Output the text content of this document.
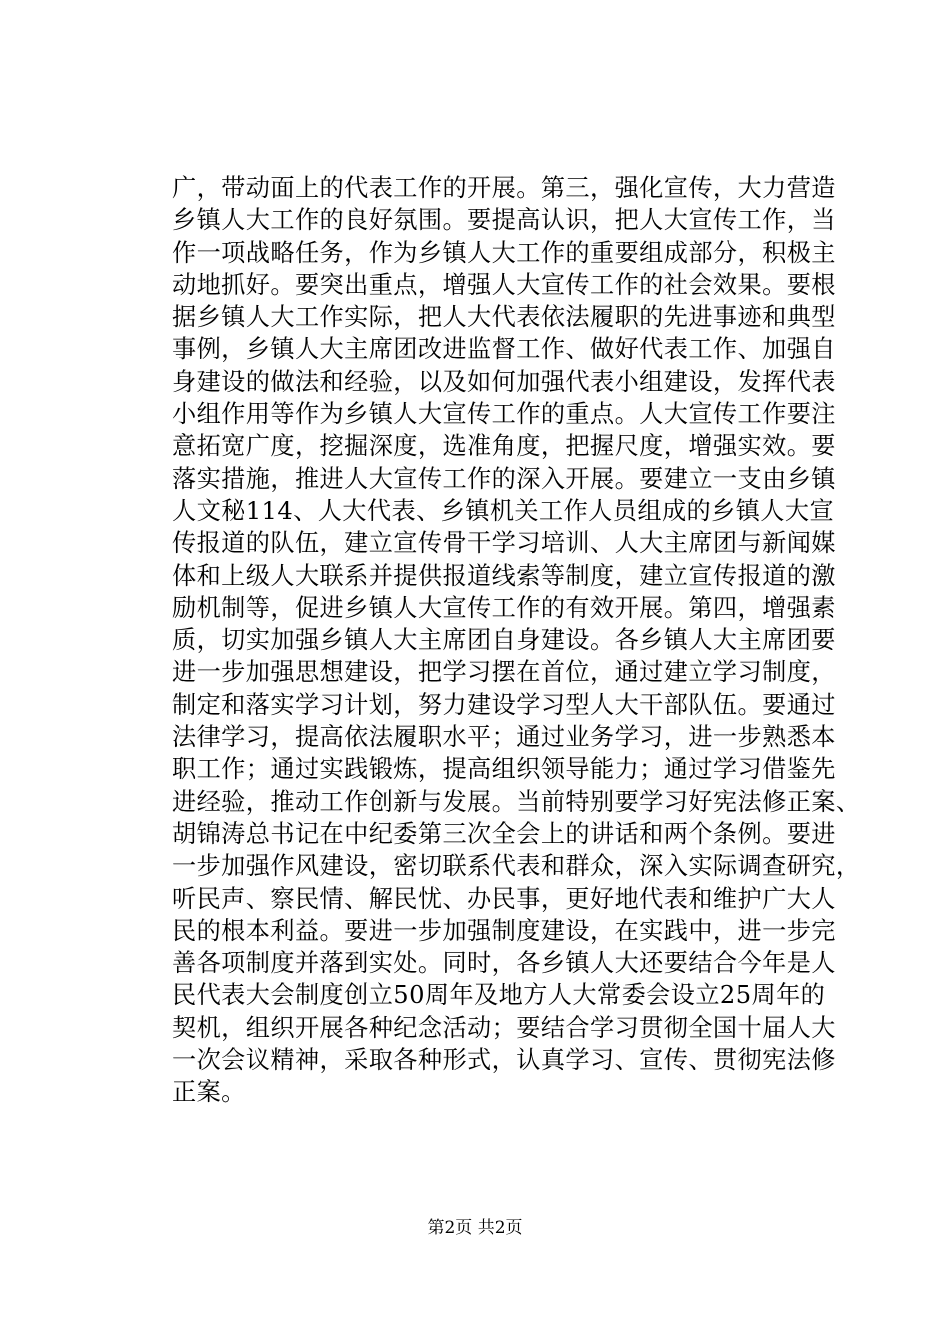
广，带动面上的代表工作的开展。第三，强化宣传，大力营造
乡镇人大工作的良好氛围。要提高认识，把人大宣传工作，当
作一项战略任务，作为乡镇人大工作的重要组成部分，积极主
动地抓好。要突出重点，增强人大宣传工作的社会效果。要根
据乡镇人大工作实际，把人大代表依法履职的先进事迹和典型
事例，乡镇人大主席团改进监督工作、做好代表工作、加强自
身建设的做法和经验，以及如何加强代表小组建设，发挥代表
小组作用等作为乡镇人大宣传工作的重点。人大宣传工作要注
意拓宽广度，挖掘深度，选准角度，把握尺度，增强实效。要
落实措施，推进人大宣传工作的深入开展。要建立一支由乡镇
人文秘114、人大代表、乡镇机关工作人员组成的乡镇人大宣
传报道的队伍，建立宣传骨干学习培训、人大主席团与新闻媒
体和上级人大联系并提供报道线索等制度，建立宣传报道的激
励机制等，促进乡镇人大宣传工作的有效开展。第四，增强素
质，切实加强乡镇人大主席团自身建设。各乡镇人大主席团要
进一步加强思想建设，把学习摆在首位，通过建立学习制度，
制定和落实学习计划，努力建设学习型人大干部队伍。要通过
法律学习，提高依法履职水平；通过业务学习，进一步熟悉本
职工作；通过实践锻炼，提高组织领导能力；通过学习借鉴先
进经验，推动工作创新与发展。当前特别要学习好宪法修正案、
胡锦涛总书记在中纪委第三次全会上的讲话和两个条例。要进
一步加强作风建设，密切联系代表和群众，深入实际调查研究，
听民声、察民情、解民忧、办民事，更好地代表和维护广大人
民的根本利益。要进一步加强制度建设，在实践中，进一步完
善各项制度并落到实处。同时，各乡镇人大还要结合今年是人
民代表大会制度创立50周年及地方人大常委会设立25周年的
契机，组织开展各种纪念活动；要结合学习贯彻全国十届人大
一次会议精神，采取各种形式，认真学习、宣传、贯彻宪法修
正案。
第2页 共2页
